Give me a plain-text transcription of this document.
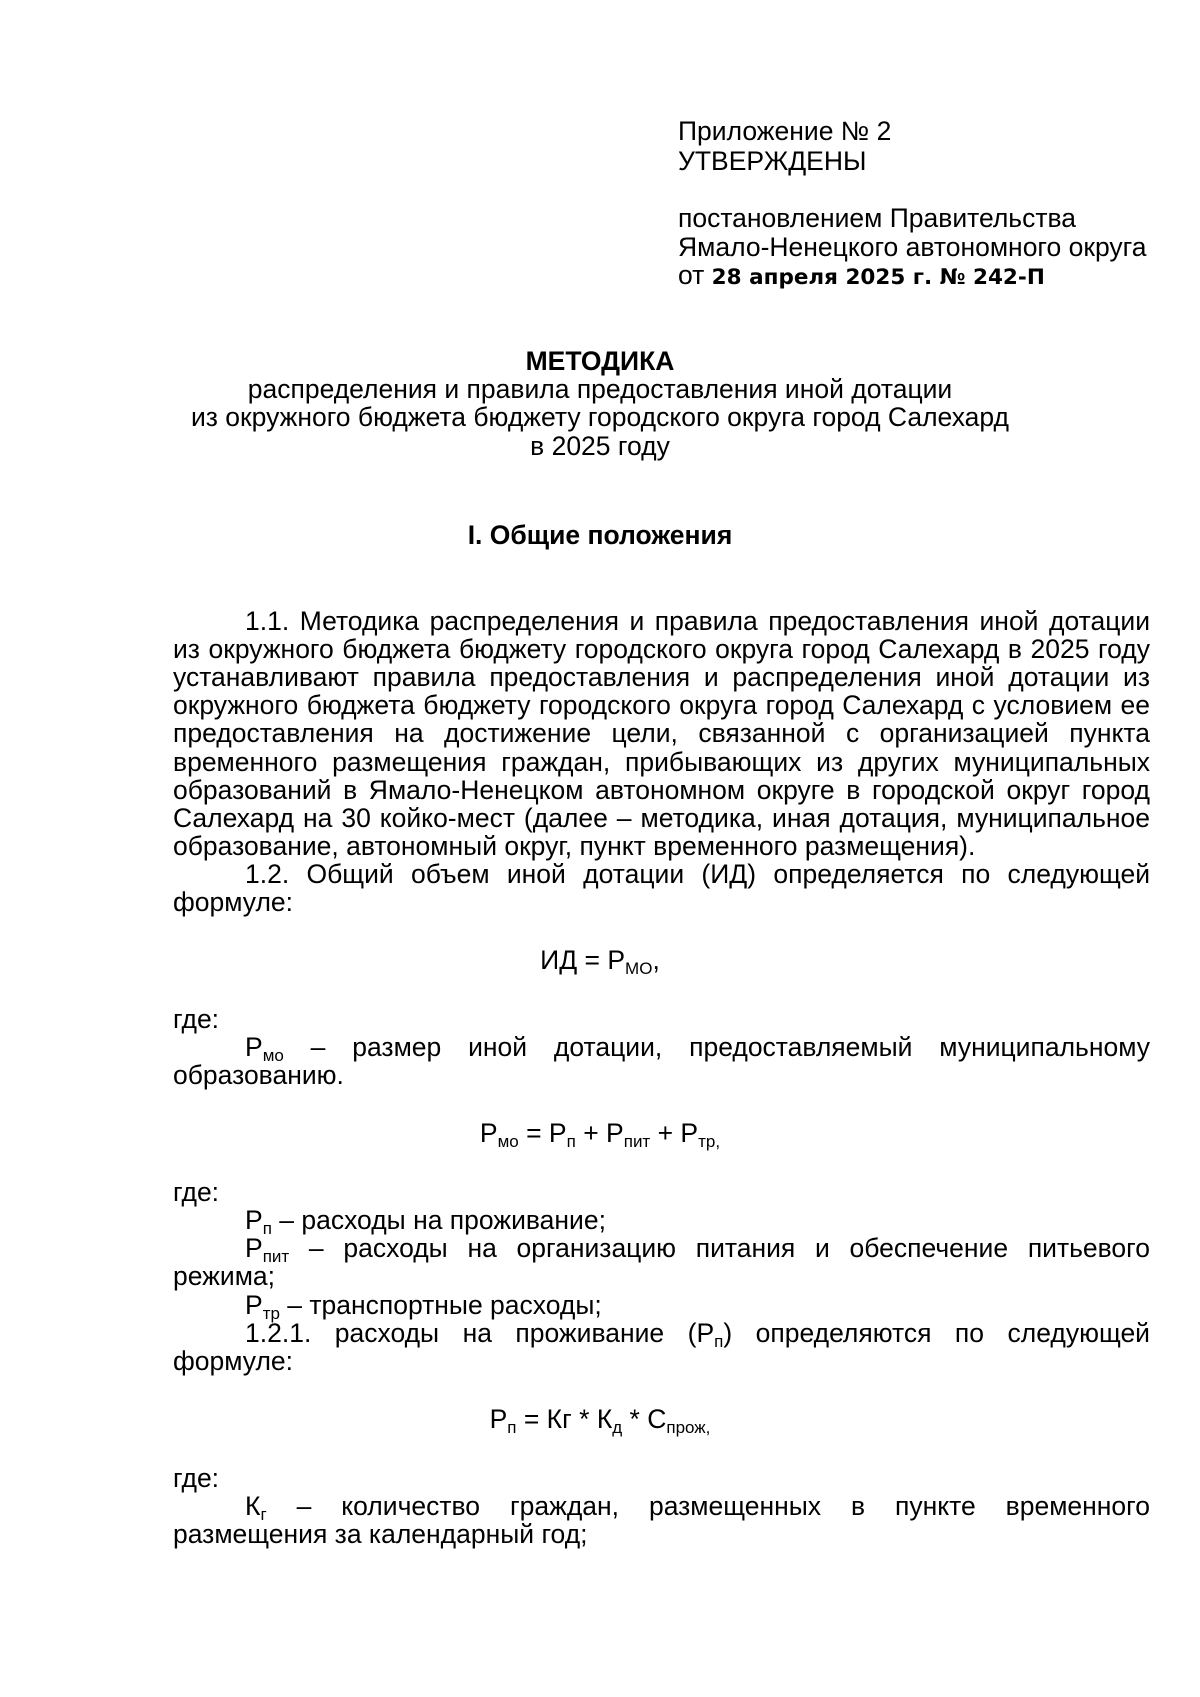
Приложение № 2
УТВЕРЖДЕНЫ
постановлением Правительства
Ямало-Ненецкого автономного округа
от 28 апреля 2025 г. № 242-П
МЕТОДИКА
распределения и правила предоставления иной дотации
из окружного бюджета бюджету городского округа город Салехард
в 2025 году
I. Общие положения
1.1. Методика распределения и правила предоставления иной дотации
из окружного бюджета бюджету городского округа город Салехард в 2025 году
устанавливают правила предоставления и распределения иной дотации из
окружного бюджета бюджету городского округа город Салехард с условием ее
предоставления на достижение цели, связанной с организацией пункта
временного размещения граждан, прибывающих из других муниципальных
образований в Ямало-Ненецком автономном округе в городской округ город
Салехард на 30 койко-мест (далее – методика, иная дотация, муниципальное
образование, автономный округ, пункт временного размещения).
1.2. Общий объем иной дотации (ИД) определяется по следующей
формуле:
ИД = $Р_{МО}$,
где:
$Р_{мо}$ – размер иной дотации, предоставляемый муниципальному
образованию.
$Р_{мо} = Р_п + Р_{пит} + Р_{тр,}$
где:
$Р_п$ – расходы на проживание;
$Р_{пит}$ – расходы на организацию питания и обеспечение питьевого
режима;
$Р_{тр}$ – транспортные расходы;
1.2.1. расходы на проживание $(Р_п)$ определяются по следующей
формуле:
$Р_п$ = Кг * $К_д * С_{прож,}$
где:
$К_г$ – количество граждан, размещенных в пункте временного
размещения за календарный год;
